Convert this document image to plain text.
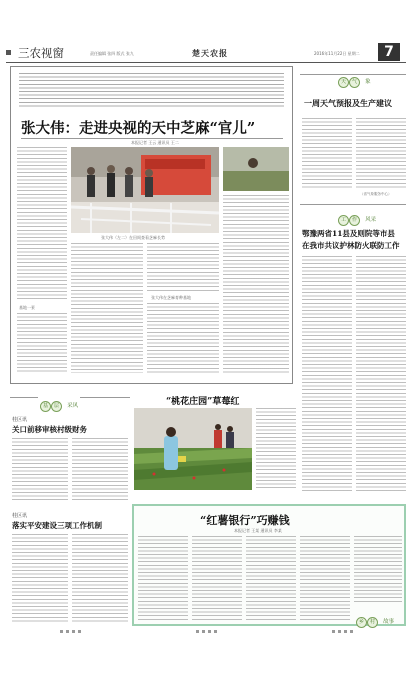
三农视窗	责任编辑 张四 版式 张九	楚天农报	2016年11月22日 星期二	7
张大伟：走进央视的天中芝麻“官儿”
本报记者 王云 通讯员 王二
张大伟（左二）在田间查看芝麻长势
张大伟在芝麻育种基地
基地一景
天 气 象
一周天气预报及生产建议
（省气象服务中心）
工 作 风采
鄂豫两省11县及则院等市县
在我市共议护林防火联防工作
基 层 采风
桂区讯
关口前移审核村级财务
桂区讯
落实平安建设三项工作机制
“桃花庄园”草莓红
“红薯银行”巧赚钱
本报记者 王某 通讯员 李某
乡 村 故事
